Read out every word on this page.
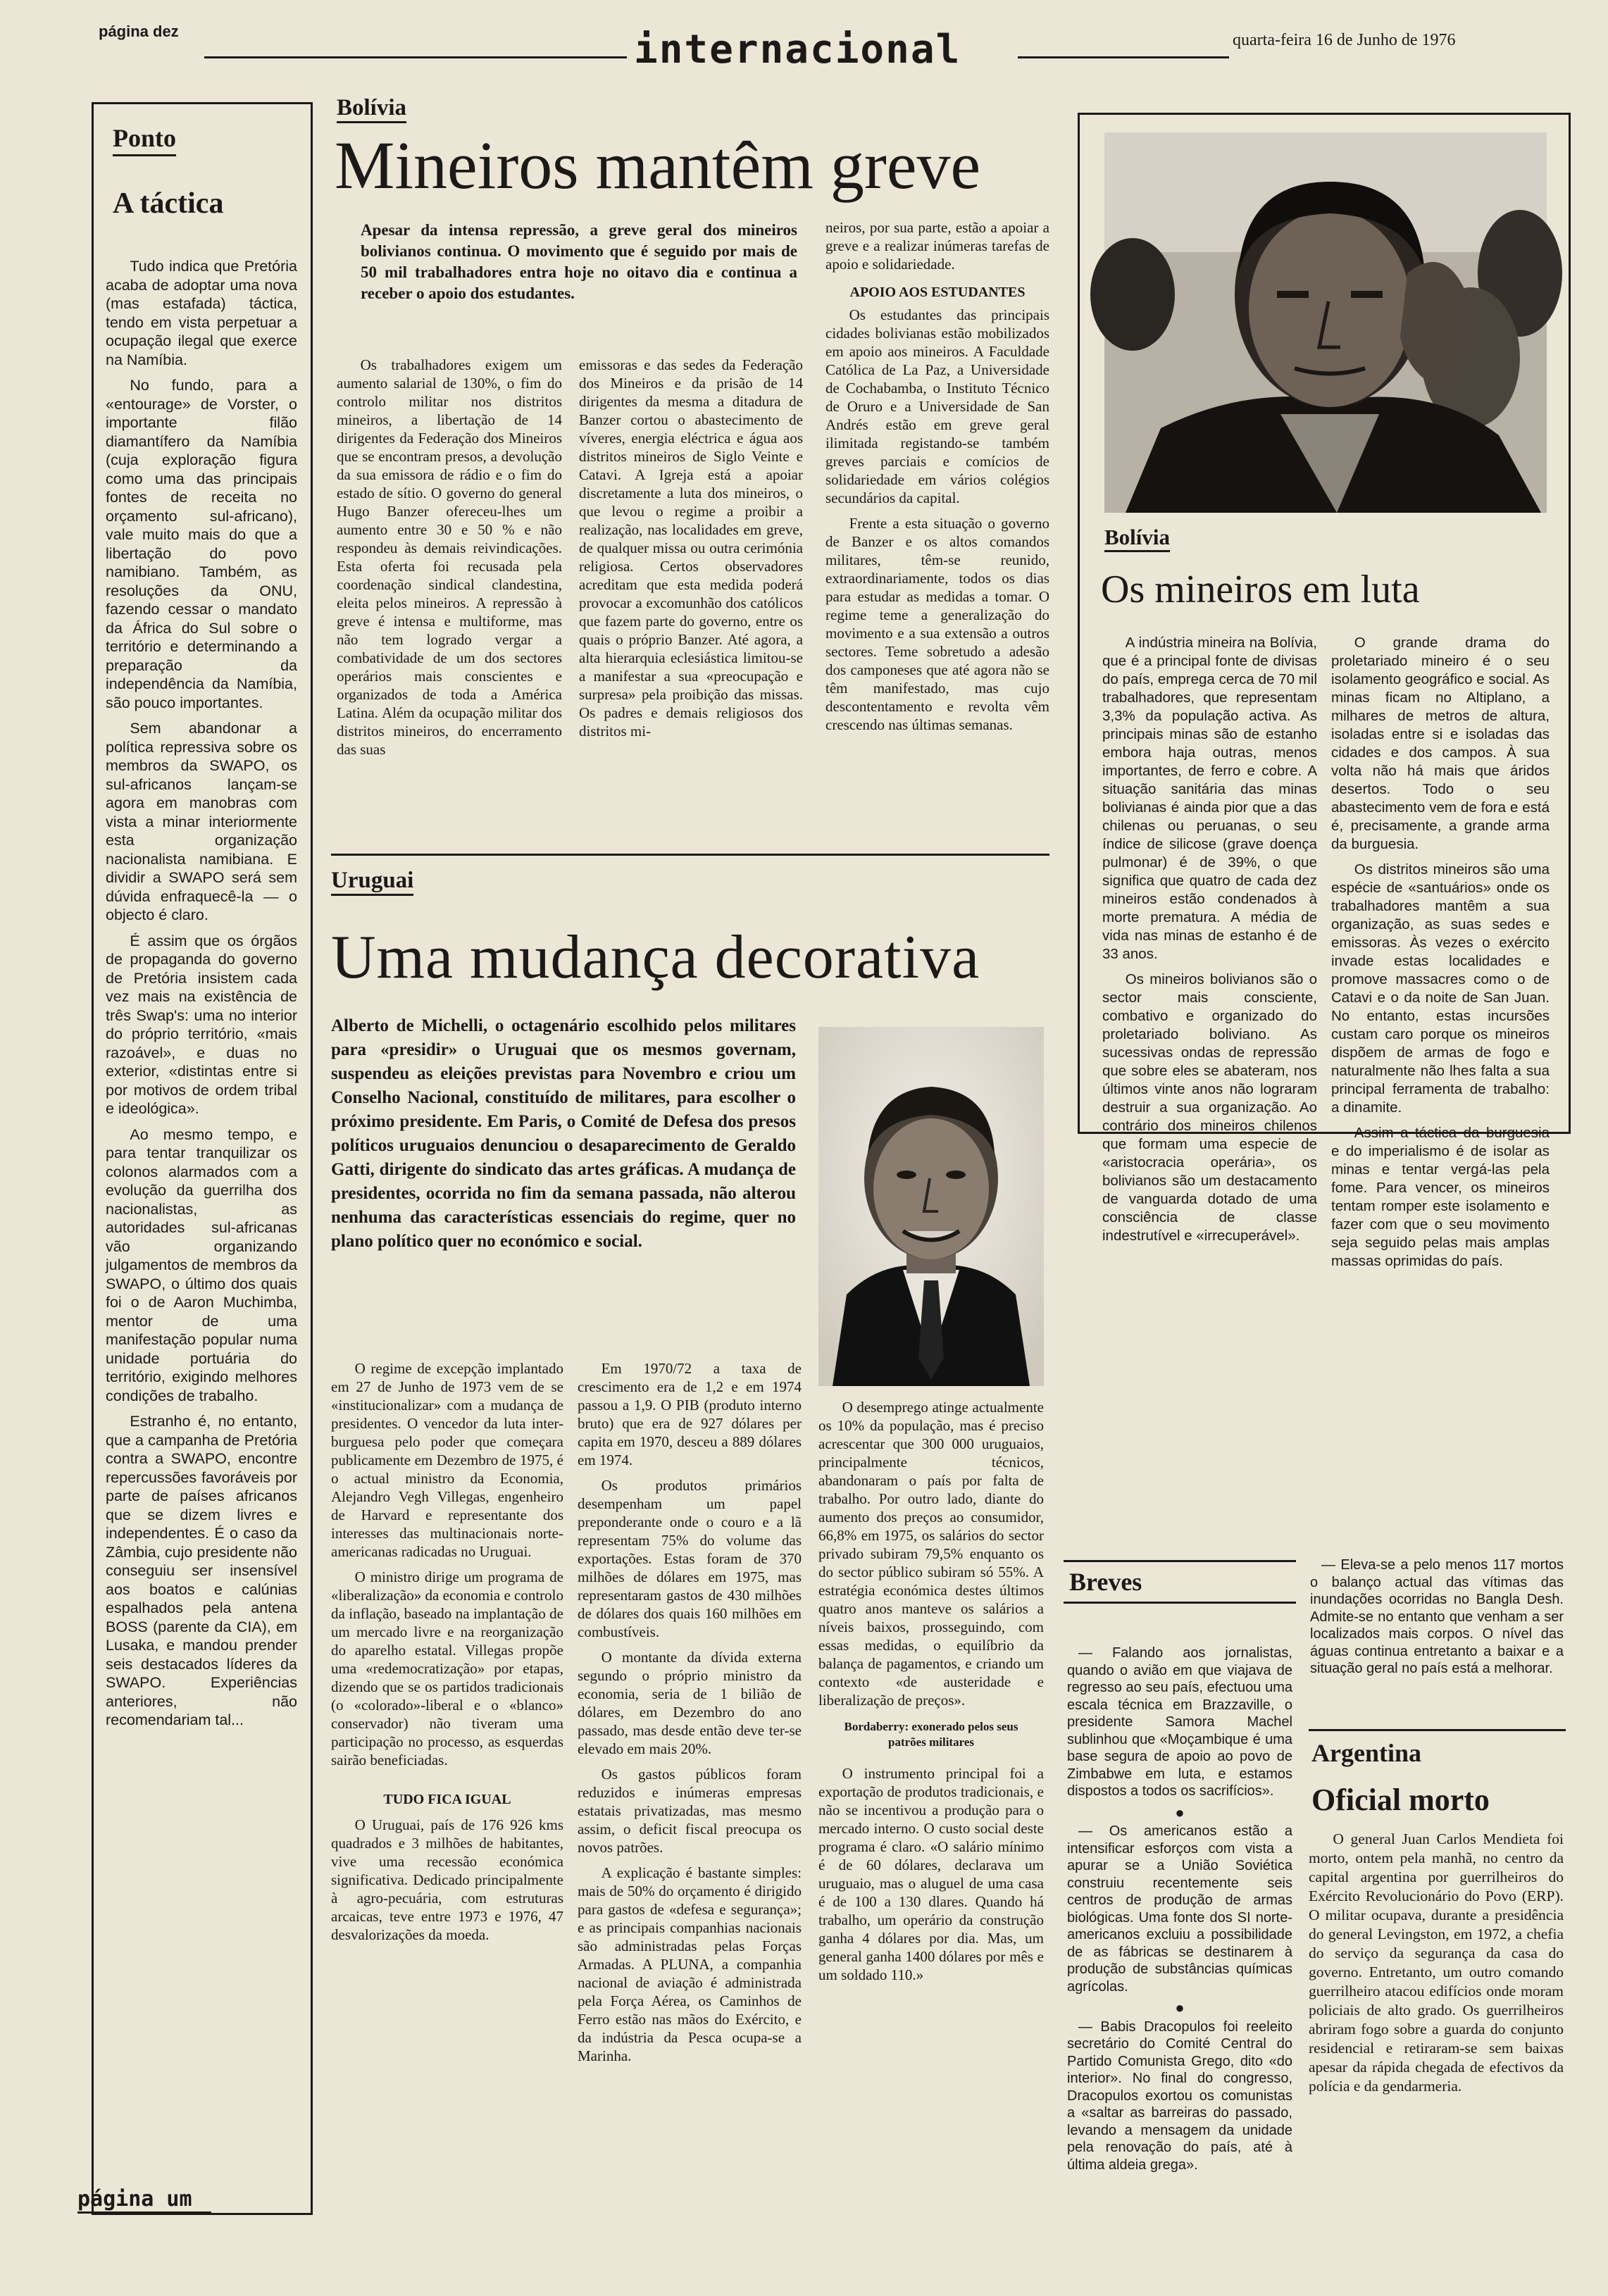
página dez	internacional	quarta-feira 16 de Junho de 1976
Ponto
A táctica

Tudo indica que Pretória acaba de adoptar uma nova (mas estafada) táctica, tendo em vista perpetuar a ocupação ilegal que exerce na Namíbia.

No fundo, para a «entourage» de Vorster, o importante filão diamantífero da Namíbia (cuja exploração figura como uma das principais fontes de receita no orçamento sul-africano), vale muito mais do que a libertação do povo namibiano. Também, as resoluções da ONU, fazendo cessar o mandato da África do Sul sobre o território e determinando a preparação da independência da Namíbia, são pouco importantes.

Sem abandonar a política repressiva sobre os membros da SWAPO, os sul-africanos lançam-se agora em manobras com vista a minar interiormente esta organização nacionalista namibiana. E dividir a SWAPO será sem dúvida enfraquecê-la — o objecto é claro.

É assim que os órgãos de propaganda do governo de Pretória insistem cada vez mais na existência de três Swap's: uma no interior do próprio território, «mais razoável», e duas no exterior, «distintas entre si por motivos de ordem tribal e ideológica».

Ao mesmo tempo, e para tentar tranquilizar os colonos alarmados com a evolução da guerrilha dos nacionalistas, as autoridades sul-africanas vão organizando julgamentos de membros da SWAPO, o último dos quais foi o de Aaron Muchimba, mentor de uma manifestação popular numa unidade portuária do território, exigindo melhores condições de trabalho.

Estranho é, no entanto, que a campanha de Pretória contra a SWAPO, encontre repercussões favoráveis por parte de países africanos que se dizem livres e independentes. É o caso da Zâmbia, cujo presidente não conseguiu ser insensível aos boatos e calúnias espalhados pela antena BOSS (parente da CIA), em Lusaka, e mandou prender seis destacados líderes da SWAPO. Experiências anteriores, não recomendariam tal...

Bolívia
Mineiros mantêm greve
Apesar da intensa repressão, a greve geral dos mineiros bolivianos continua. O movimento que é seguido por mais de 50 mil trabalhadores entra hoje no oitavo dia e continua a receber o apoio dos estudantes.

Os trabalhadores exigem um aumento salarial de 130%, o fim do controlo militar nos distritos mineiros, a libertação de 14 dirigentes da Federação dos Mineiros que se encontram presos, a devolução da sua emissora de rádio e o fim do estado de sítio. O governo do general Hugo Banzer ofereceu-lhes um aumento entre 30 e 50 % e não respondeu às demais reivindicações. Esta oferta foi recusada pela coordenação sindical clandestina, eleita pelos mineiros. A repressão à greve é intensa e multiforme, mas não tem logrado vergar a combatividade de um dos sectores operários mais conscientes e organizados de toda a América Latina. Além da ocupação militar dos distritos mineiros, do encerramento das suas

emissoras e das sedes da Federação dos Mineiros e da prisão de 14 dirigentes da mesma a ditadura de Banzer cortou o abastecimento de víveres, energia eléctrica e água aos distritos mineiros de Siglo Veinte e Catavi. A Igreja está a apoiar discretamente a luta dos mineiros, o que levou o regime a proibir a realização, nas localidades em greve, de qualquer missa ou outra cerimónia religiosa. Certos observadores acreditam que esta medida poderá provocar a excomunhão dos católicos que fazem parte do governo, entre os quais o próprio Banzer. Até agora, a alta hierarquia eclesiástica limitou-se a manifestar a sua «preocupação e surpresa» pela proibição das missas. Os padres e demais religiosos dos distritos mi-

neiros, por sua parte, estão a apoiar a greve e a realizar inúmeras tarefas de apoio e solidariedade.

APOIO AOS ESTUDANTES

Os estudantes das principais cidades bolivianas estão mobilizados em apoio aos mineiros. A Faculdade Católica de La Paz, a Universidade de Cochabamba, o Instituto Técnico de Oruro e a Universidade de San Andrés estão em greve geral ilimitada registando-se também greves parciais e comícios de solidariedade em vários colégios secundários da capital.

Frente a esta situação o governo de Banzer e os altos comandos militares, têm-se reunido, extraordinariamente, todos os dias para estudar as medidas a tomar. O regime teme a generalização do movimento e a sua extensão a outros sectores. Teme sobretudo a adesão dos camponeses que até agora não se têm manifestado, mas cujo descontentamento e revolta vêm crescendo nas últimas semanas.

Uruguai
Uma mudança decorativa
Alberto de Michelli, o octagenário escolhido pelos militares para «presidir» o Uruguai que os mesmos governam, suspendeu as eleições previstas para Novembro e criou um Conselho Nacional, constituído de militares, para escolher o próximo presidente. Em Paris, o Comité de Defesa dos presos políticos uruguaios denunciou o desaparecimento de Geraldo Gatti, dirigente do sindicato das artes gráficas. A mudança de presidentes, ocorrida no fim da semana passada, não alterou nenhuma das características essenciais do regime, quer no plano político quer no económico e social.

O regime de excepção implantado em 27 de Junho de 1973 vem de se «institucionalizar» com a mudança de presidentes. O vencedor da luta inter-burguesa pelo poder que começara publicamente em Dezembro de 1975, é o actual ministro da Economia, Alejandro Vegh Villegas, engenheiro de Harvard e representante dos interesses das multinacionais norte-americanas radicadas no Uruguai.

O ministro dirige um programa de «liberalização» da economia e controlo da inflação, baseado na implantação de um mercado livre e na reorganização do aparelho estatal. Villegas propõe uma «redemocratização» por etapas, dizendo que se os partidos tradicionais (o «colorado»-liberal e o «blanco» conservador) não tiveram uma participação no processo, as esquerdas sairão beneficiadas.

TUDO FICA IGUAL

O Uruguai, país de 176 926 kms quadrados e 3 milhões de habitantes, vive uma recessão económica significativa. Dedicado principalmente à agro-pecuária, com estruturas arcaicas, teve entre 1973 e 1976, 47 desvalorizações da moeda.

Em 1970/72 a taxa de crescimento era de 1,2 e em 1974 passou a 1,9. O PIB (produto interno bruto) que era de 927 dólares per capita em 1970, desceu a 889 dólares em 1974.

Os produtos primários desempenham um papel preponderante onde o couro e a lã representam 75% do volume das exportações. Estas foram de 370 milhões de dólares em 1975, mas representaram gastos de 430 milhões de dólares dos quais 160 milhões em combustíveis.

O montante da dívida externa segundo o próprio ministro da economia, seria de 1 bilião de dólares, em Dezembro do ano passado, mas desde então deve ter-se elevado em mais 20%.

Os gastos públicos foram reduzidos e inúmeras empresas estatais privatizadas, mas mesmo assim, o deficit fiscal preocupa os novos patrões.

A explicação é bastante simples: mais de 50% do orçamento é dirigido para gastos de «defesa e segurança»; e as principais companhias nacionais são administradas pelas Forças Armadas. A PLUNA, a companhia nacional de aviação é administrada pela Força Aérea, os Caminhos de Ferro estão nas mãos do Exército, e da indústria da Pesca ocupa-se a Marinha.

O desemprego atinge actualmente os 10% da população, mas é preciso acrescentar que 300 000 uruguaios, principalmente técnicos, abandonaram o país por falta de trabalho. Por outro lado, diante do aumento dos preços ao consumidor, 66,8% em 1975, os salários do sector privado subiram 79,5% enquanto os do sector público subiram só 55%. A estratégia económica destes últimos quatro anos manteve os salários a níveis baixos, prosseguindo, com essas medidas, o equilíbrio da balança de pagamentos, e criando um contexto «de austeridade e liberalização de preços».

Bordaberry: exonerado pelos seus patrões militares

O instrumento principal foi a exportação de produtos tradicionais, e não se incentivou a produção para o mercado interno. O custo social deste programa é claro. «O salário mínimo é de 60 dólares, declarava um uruguaio, mas o aluguel de uma casa é de 100 a 130 dlares. Quando há trabalho, um operário da construção ganha 4 dólares por dia. Mas, um general ganha 1400 dólares por mês e um soldado 110.»

Bolívia
Os mineiros em luta

A indústria mineira na Bolívia, que é a principal fonte de divisas do país, emprega cerca de 70 mil trabalhadores, que representam 3,3% da população activa. As principais minas são de estanho embora haja outras, menos importantes, de ferro e cobre. A situação sanitária das minas bolivianas é ainda pior que a das chilenas ou peruanas, o seu índice de silicose (grave doença pulmonar) é de 39%, o que significa que quatro de cada dez mineiros estão condenados à morte prematura. A média de vida nas minas de estanho é de 33 anos.

Os mineiros bolivianos são o sector mais consciente, combativo e organizado do proletariado boliviano. As sucessivas ondas de repressão que sobre eles se abateram, nos últimos vinte anos não lograram destruir a sua organização. Ao contrário dos mineiros chilenos que formam uma especie de «aristocracia operária», os bolivianos são um destacamento de vanguarda dotado de uma consciência de classe indestrutível e «irrecuperável».

O grande drama do proletariado mineiro é o seu isolamento geográfico e social. As minas ficam no Altiplano, a milhares de metros de altura, isoladas entre si e isoladas das cidades e dos campos. À sua volta não há mais que áridos desertos. Todo o seu abastecimento vem de fora e está é, precisamente, a grande arma da burguesia.

Os distritos mineiros são uma espécie de «santuários» onde os trabalhadores mantêm a sua organização, as suas sedes e emissoras. Às vezes o exército invade estas localidades e promove massacres como o de Catavi e o da noite de San Juan. No entanto, estas incursões custam caro porque os mineiros dispõem de armas de fogo e naturalmente não lhes falta a sua principal ferramenta de trabalho: a dinamite.

Assim a táctica da burguesia e do imperialismo é de isolar as minas e tentar vergá-las pela fome. Para vencer, os mineiros tentam romper este isolamento e fazer com que o seu movimento seja seguido pelas mais amplas massas oprimidas do país.

Breves

— Falando aos jornalistas, quando o avião em que viajava de regresso ao seu país, efectuou uma escala técnica em Brazzaville, o presidente Samora Machel sublinhou que «Moçambique é uma base segura de apoio ao povo de Zimbabwe em luta, e estamos dispostos a todos os sacrifícios».

●

— Os americanos estão a intensificar esforços com vista a apurar se a União Soviética construiu recentemente seis centros de produção de armas biológicas. Uma fonte dos SI norte-americanos excluiu a possibilidade de as fábricas se destinarem à produção de substâncias químicas agrícolas.

●

— Babis Dracopulos foi reeleito secretário do Comité Central do Partido Comunista Grego, dito «do interior». No final do congresso, Dracopulos exortou os comunistas a «saltar as barreiras do passado, levando a mensagem da unidade pela renovação do país, até à última aldeia grega».

— Eleva-se a pelo menos 117 mortos o balanço actual das vítimas das inundações ocorridas no Bangla Desh. Admite-se no entanto que venham a ser localizados mais corpos. O nível das águas continua entretanto a baixar e a situação geral no país está a melhorar.

Argentina
Oficial morto

O general Juan Carlos Mendieta foi morto, ontem pela manhã, no centro da capital argentina por guerrilheiros do Exército Revolucionário do Povo (ERP). O militar ocupava, durante a presidência do general Levingston, em 1972, a chefia do serviço da segurança da casa do governo. Entretanto, um outro comando guerrilheiro atacou edifícios onde moram policiais de alto grado. Os guerrilheiros abriram fogo sobre a guarda do conjunto residencial e retiraram-se sem baixas apesar da rápida chegada de efectivos da polícia e da gendarmeria.

página um
